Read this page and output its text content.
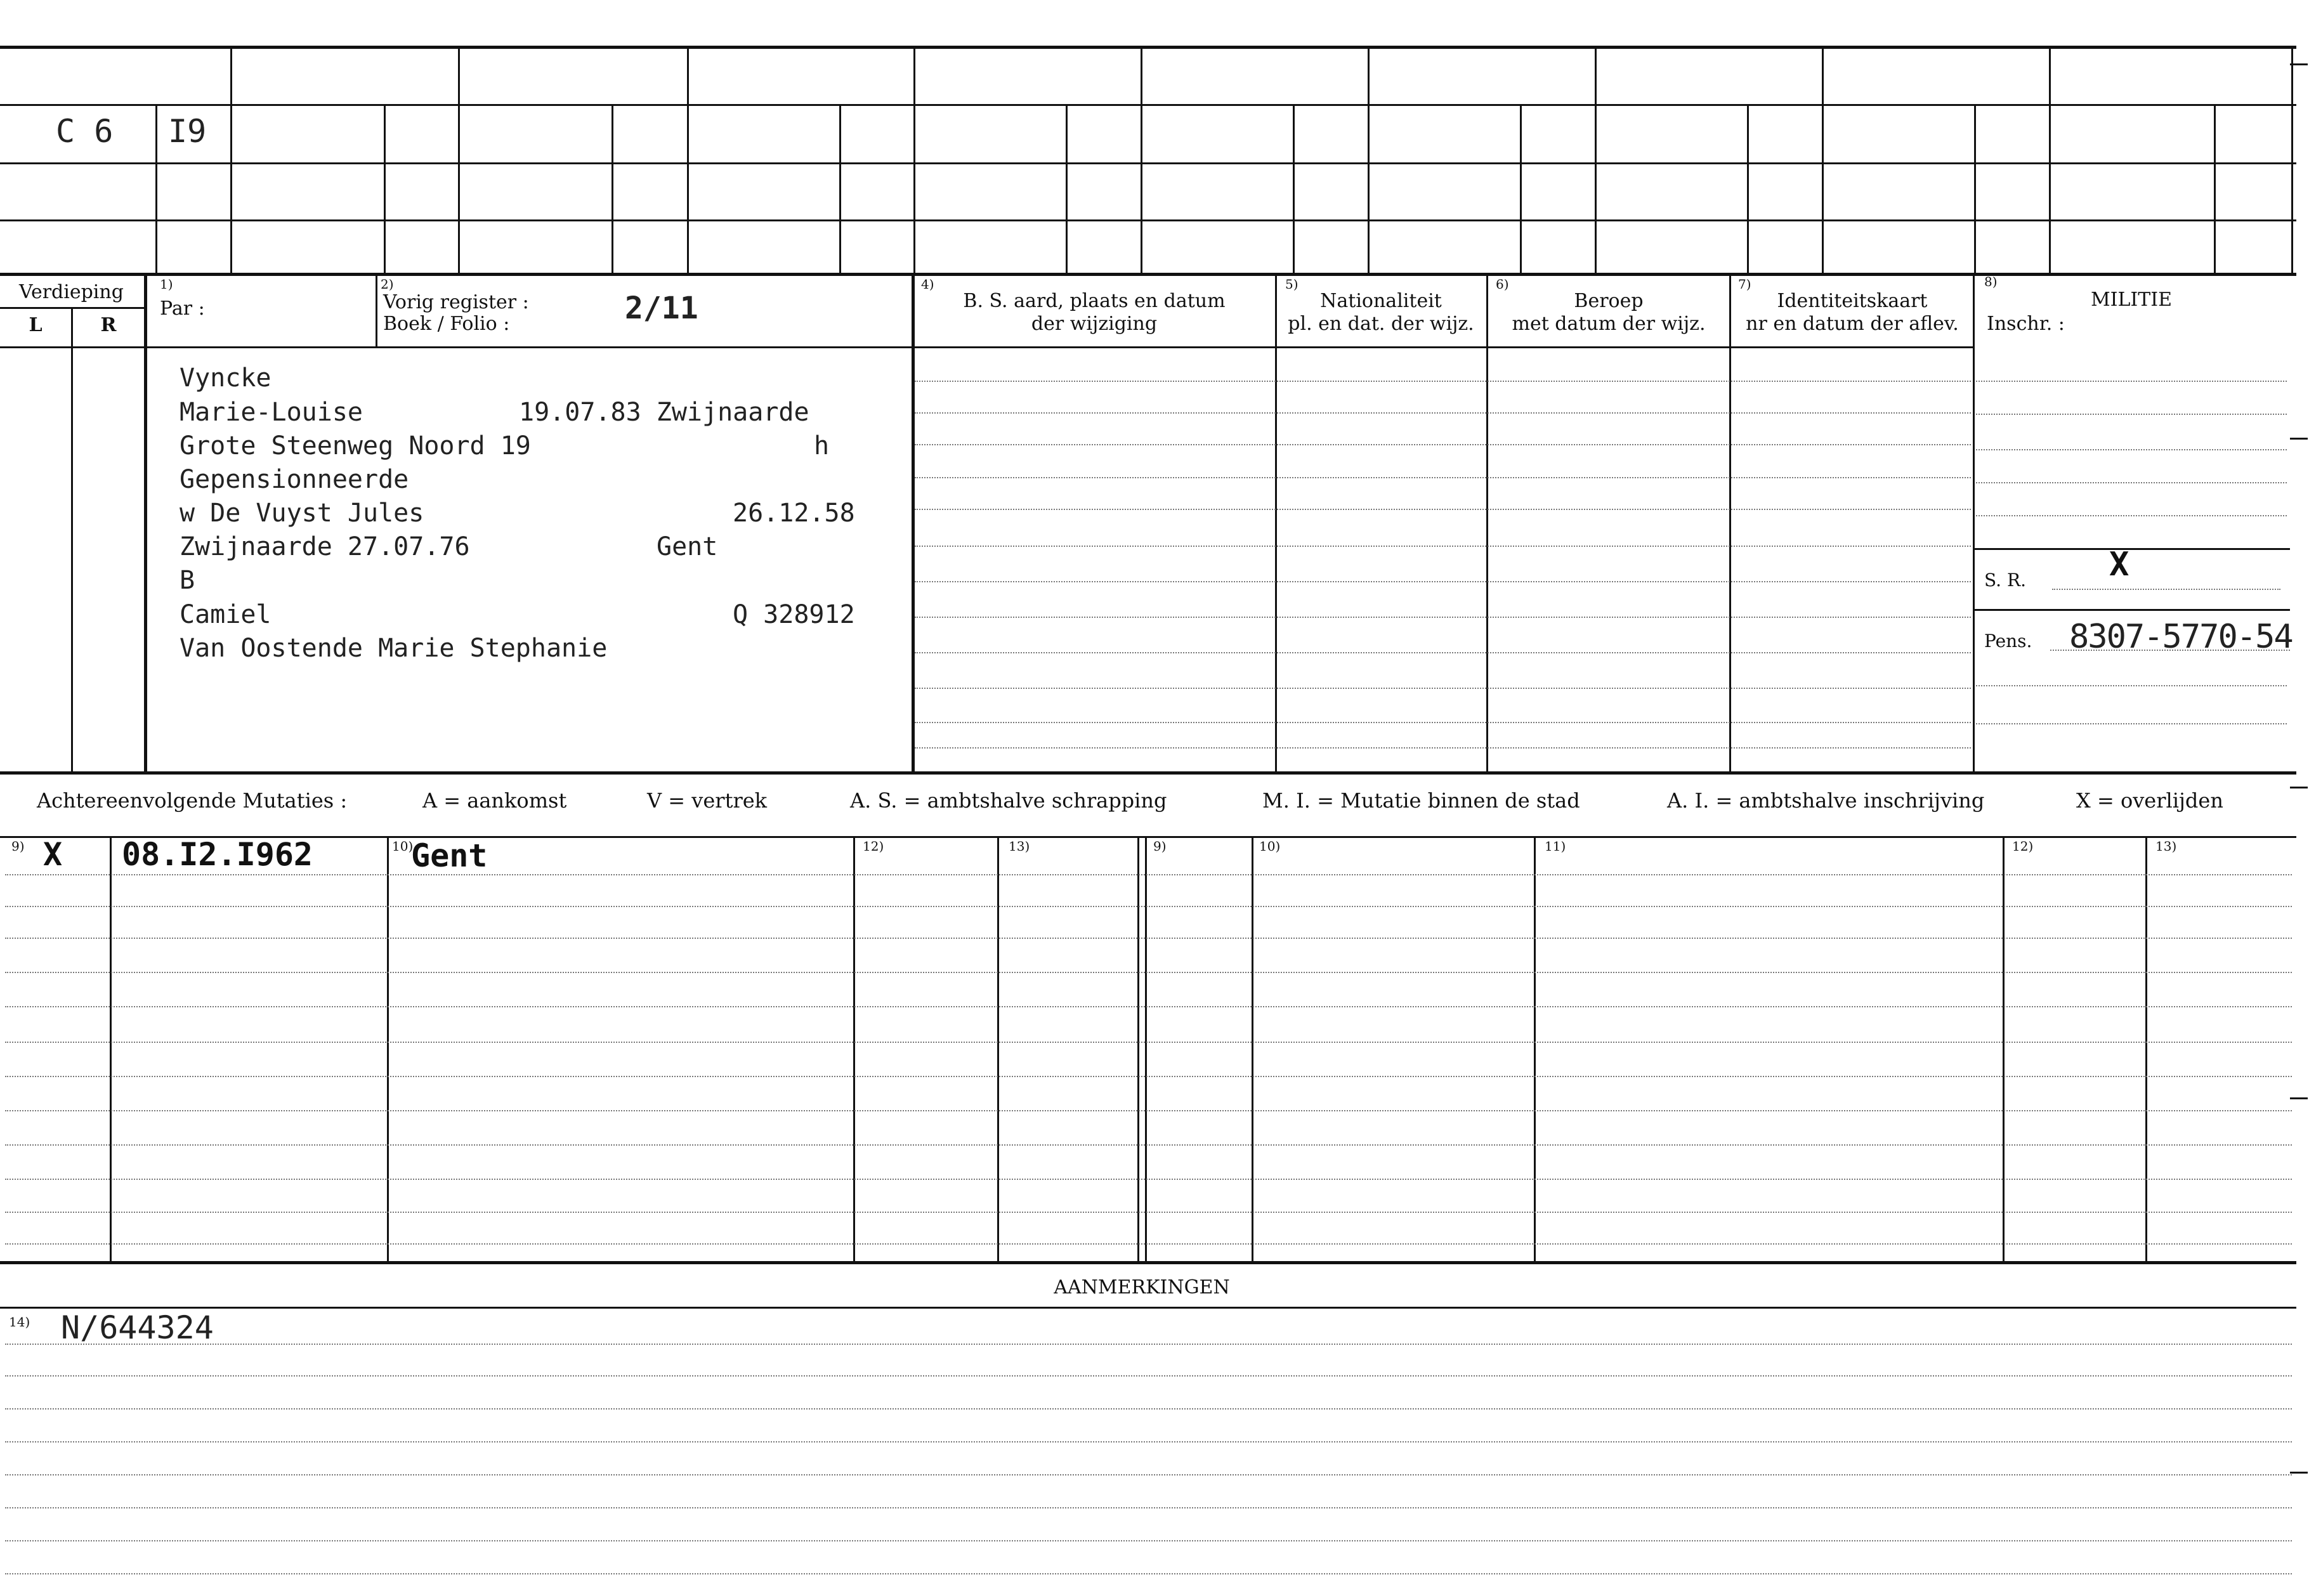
C 6 I9
Verdieping
L	R
1)
Par :
2)
Vorig register :
Boek / Folio :	2/11
4)
B. S. aard, plaats en datum
der wijziging
5)
Nationaliteit
pl. en dat. der wijz.
6)
Beroep
met datum der wijz.
7)
Identiteitskaart
nr en datum der aflev.
8)
MILITIE
Inschr. :
Vyncke
Marie-Louise	19.07.83 Zwijnaarde
Grote Steenweg Noord 19	h
Gepensionneerde
w De Vuyst Jules	26.12.58
Zwijnaarde 27.07.76	Gent
B
Camiel	Q 328912
Van Oostende Marie Stephanie
S. R.	X
Pens. 8307-5770-54
Achtereenvolgende Mutaties :	A = aankomst	V = vertrek	A. S. = ambtshalve schrapping	M. I. = Mutatie binnen de stad	A. I. = ambtshalve inschrijving	X = overlijden
9)	10)	12)	13)	9)	10)	11)	12)	13)
X 08.I2.I962	Gent
AANMERKINGEN
14) N/644324
